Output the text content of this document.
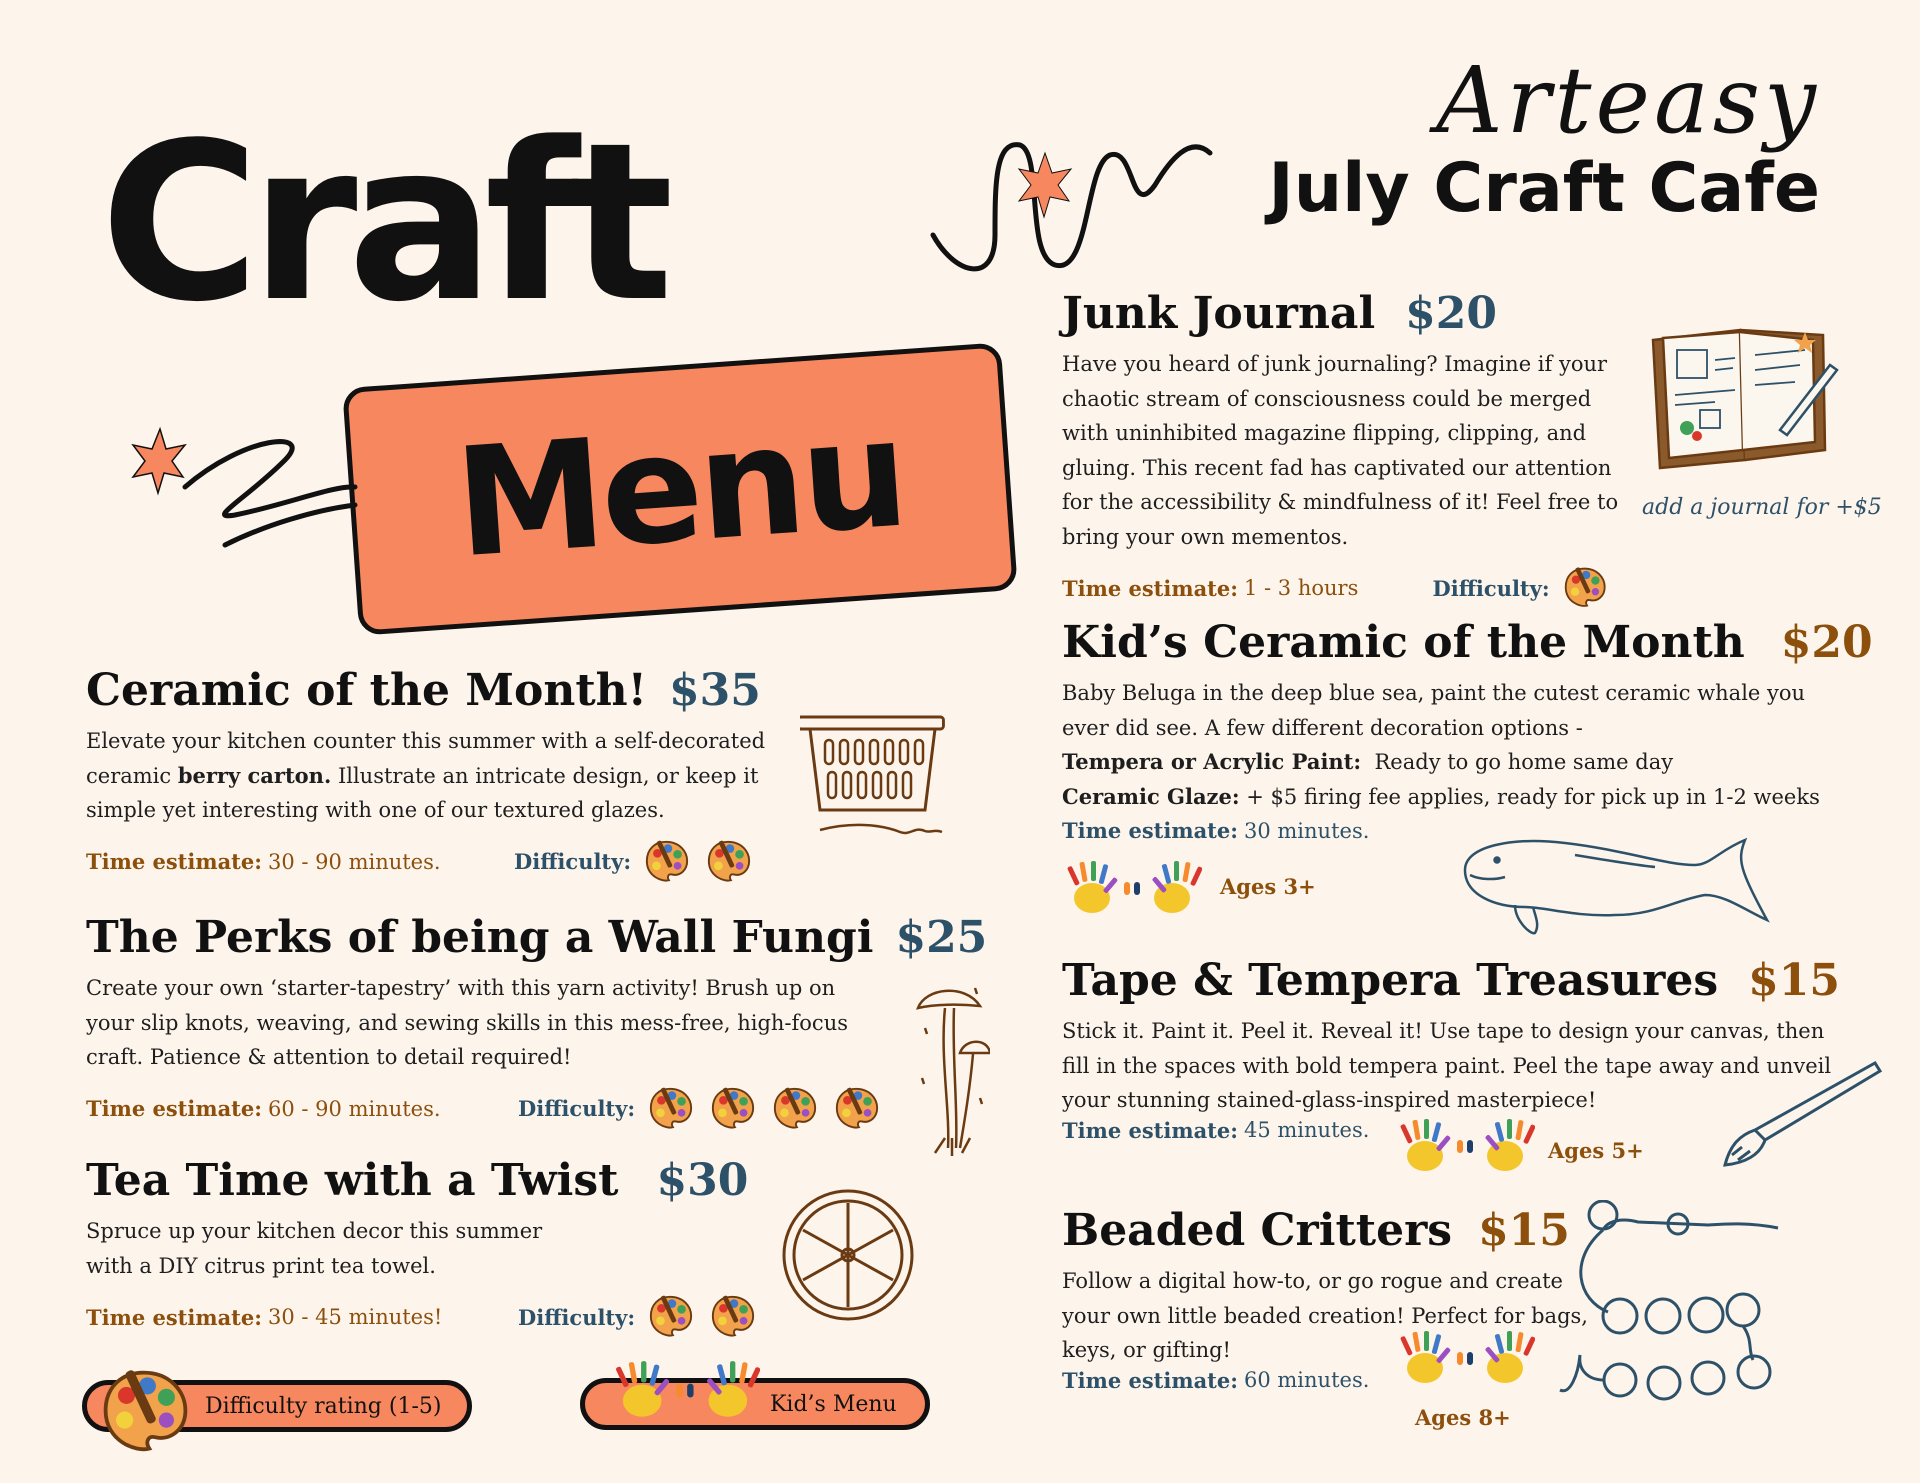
Craft
Menu
Arteasy
July Craft Cafe
Ceramic of the Month! $35

Elevate your kitchen counter this summer with a self-decorated ceramic berry carton. Illustrate an intricate design, or keep it simple yet interesting with one of our textured glazes.

Time estimate: 30 - 90 minutes.	Difficulty:
The Perks of being a Wall Fungi $25

Create your own ‘starter-tapestry’ with this yarn activity! Brush up on your slip knots, weaving, and sewing skills in this mess-free, high-focus craft. Patience & attention to detail required!

Time estimate: 60 - 90 minutes.	Difficulty:
Tea Time with a Twist $30

Spruce up your kitchen decor this summer with a DIY citrus print tea towel.

Time estimate: 30 - 45 minutes!	Difficulty:
Junk Journal $20

Have you heard of junk journaling? Imagine if your chaotic stream of consciousness could be merged with uninhibited magazine flipping, clipping, and gluing. This recent fad has captivated our attention for the accessibility & mindfulness of it! Feel free to bring your own mementos.

Time estimate: 1 - 3 hours	Difficulty:
add a journal for +$5
Kid’s Ceramic of the Month $20

Baby Beluga in the deep blue sea, paint the cutest ceramic whale you ever did see. A few different decoration options -

Tempera or Acrylic Paint:  Ready to go home same day

Ceramic Glaze: + $5 firing fee applies, ready for pick up in 1-2 weeks

Time estimate: 30 minutes.
Ages 3+
Tape & Tempera Treasures $15

Stick it. Paint it. Peel it. Reveal it! Use tape to design your canvas, then fill in the spaces with bold tempera paint. Peel the tape away and unveil your stunning stained-glass-inspired masterpiece!

Time estimate: 45 minutes.
Ages 5+
Beaded Critters $15

Follow a digital how-to, or go rogue and create your own little beaded creation! Perfect for bags, keys, or gifting!

Time estimate: 60 minutes.
Ages 8+
Difficulty rating (1-5)	Kid’s Menu
